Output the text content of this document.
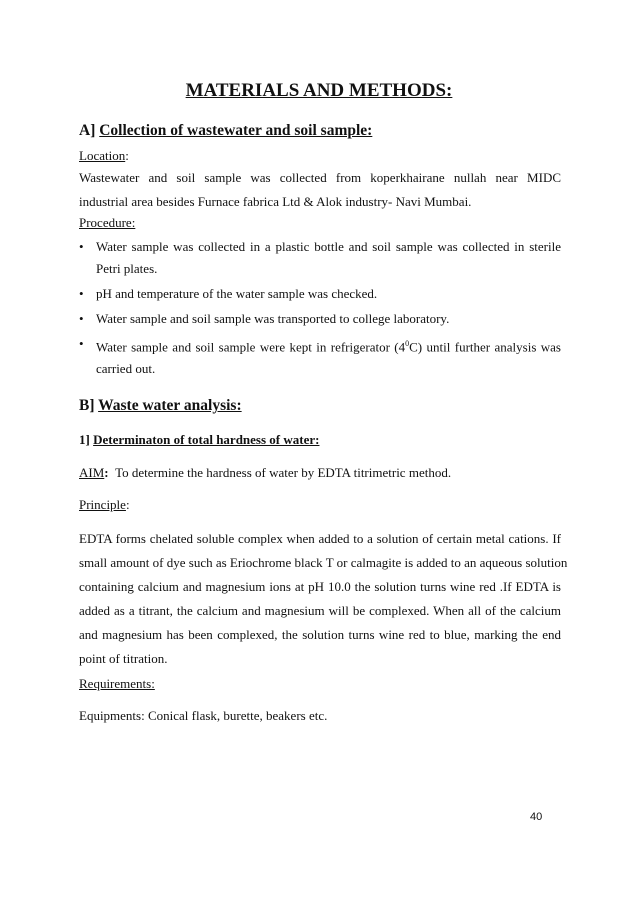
MATERIALS AND METHODS:
A] Collection of wastewater and soil sample:
Location:
Wastewater and soil sample was collected from koperkhairane nullah near MIDC
industrial area besides Furnace fabrica Ltd & Alok industry- Navi Mumbai.
Procedure:
• Water sample was collected in a plastic bottle and soil sample was collected in sterile
Petri plates.
• pH and temperature of the water sample was checked.
• Water sample and soil sample was transported to college laboratory.
• Water sample and soil sample were kept in refrigerator $(4^0C)$ until further analysis was
carried out.
B] Waste water analysis:
1] Determinaton of total hardness of water:
AIM: To determine the hardness of water by EDTA titrimetric method.
Principle:
EDTA forms chelated soluble complex when added to a solution of certain metal cations. If
small amount of dye such as Eriochrome black T or calmagite is added to an aqueous solution
containing calcium and magnesium ions at pH 10.0 the solution turns wine red .If EDTA is
added as a titrant, the calcium and magnesium will be complexed. When all of the calcium
and magnesium has been complexed, the solution turns wine red to blue, marking the end
point of titration.
Requirements:
Equipments: Conical flask, burette, beakers etc.
40
